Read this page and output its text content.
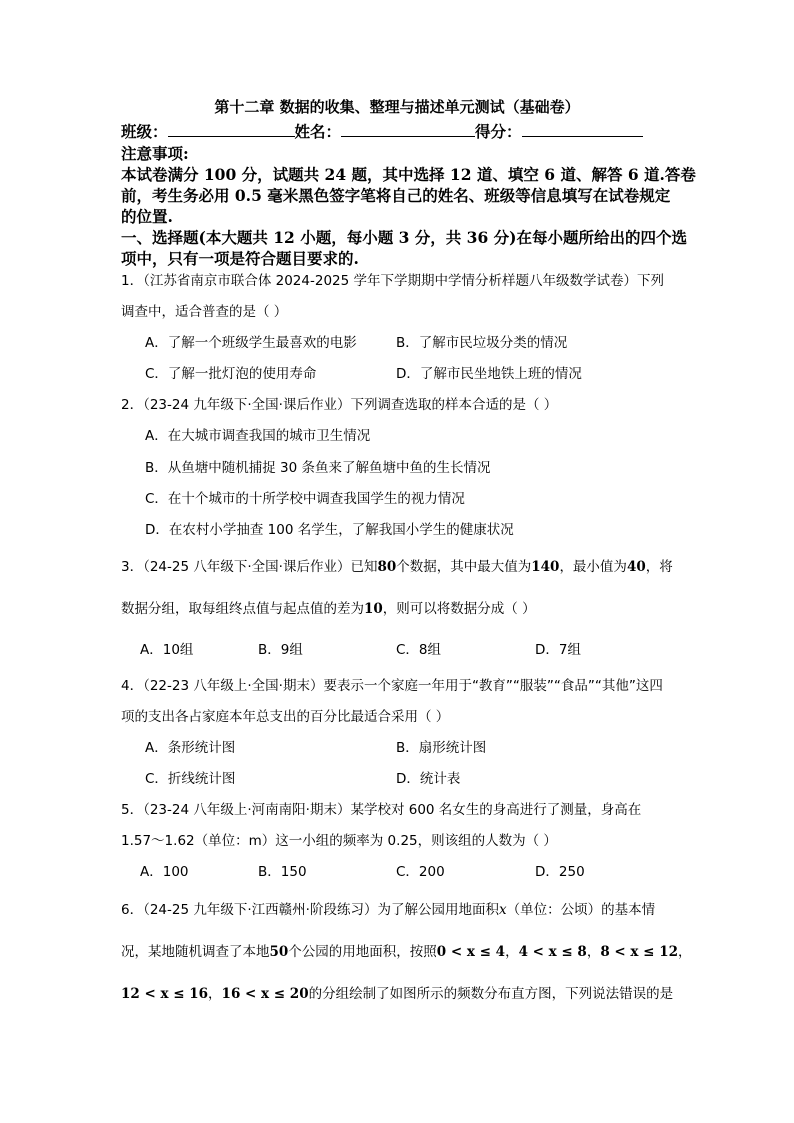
第十二章 数据的收集、整理与描述单元测试（基础卷）
班级：	姓名：	得分：
注意事项:
本试卷满分 100 分，试题共 24 题，其中选择 12 道、填空 6 道、解答 6 道.答卷
前，考生务必用 0.5 毫米黑色签字笔将自己的姓名、班级等信息填写在试卷规定
的位置.
一、选择题(本大题共 12 小题，每小题 3 分，共 36 分)在每小题所给出的四个选
项中，只有一项是符合题目要求的.
1．（江苏省南京市联合体 2024-2025 学年下学期期中学情分析样题八年级数学试卷）下列
调查中，适合普查的是（ ）
A．了解一个班级学生最喜欢的电影	B．了解市民垃圾分类的情况
C．了解一批灯泡的使用寿命	D．了解市民坐地铁上班的情况
2．（23-24 九年级下·全国·课后作业）下列调查选取的样本合适的是（ ）
A．在大城市调查我国的城市卫生情况
B．从鱼塘中随机捕捉 30 条鱼来了解鱼塘中鱼的生长情况
C．在十个城市的十所学校中调查我国学生的视力情况
D．在农村小学抽查 100 名学生，了解我国小学生的健康状况
3．（24-25 八年级下·全国·课后作业）已知80个数据，其中最大值为140，最小值为40，将
数据分组，取每组终点值与起点值的差为10，则可以将数据分成（ ）
A．10组	B．9组	C．8组	D．7组
4．（22-23 八年级上·全国·期末）要表示一个家庭一年用于“教育”“服装”“食品”“其他”这四
项的支出各占家庭本年总支出的百分比最适合采用（ ）
A．条形统计图	B．扇形统计图
C．折线统计图	D．统计表
5．（23-24 八年级上·河南南阳·期末）某学校对 600 名女生的身高进行了测量，身高在
1.57～1.62（单位：m）这一小组的频率为 0.25，则该组的人数为（ ）
A．100	B．150	C．200	D．250
6．（24-25 九年级下·江西赣州·阶段练习）为了解公园用地面积x（单位：公顷）的基本情
况，某地随机调查了本地50个公园的用地面积，按照0 < x ≤ 4，4 < x ≤ 8，8 < x ≤ 12，
12 < x ≤ 16，16 < x ≤ 20的分组绘制了如图所示的频数分布直方图，下列说法错误的是
